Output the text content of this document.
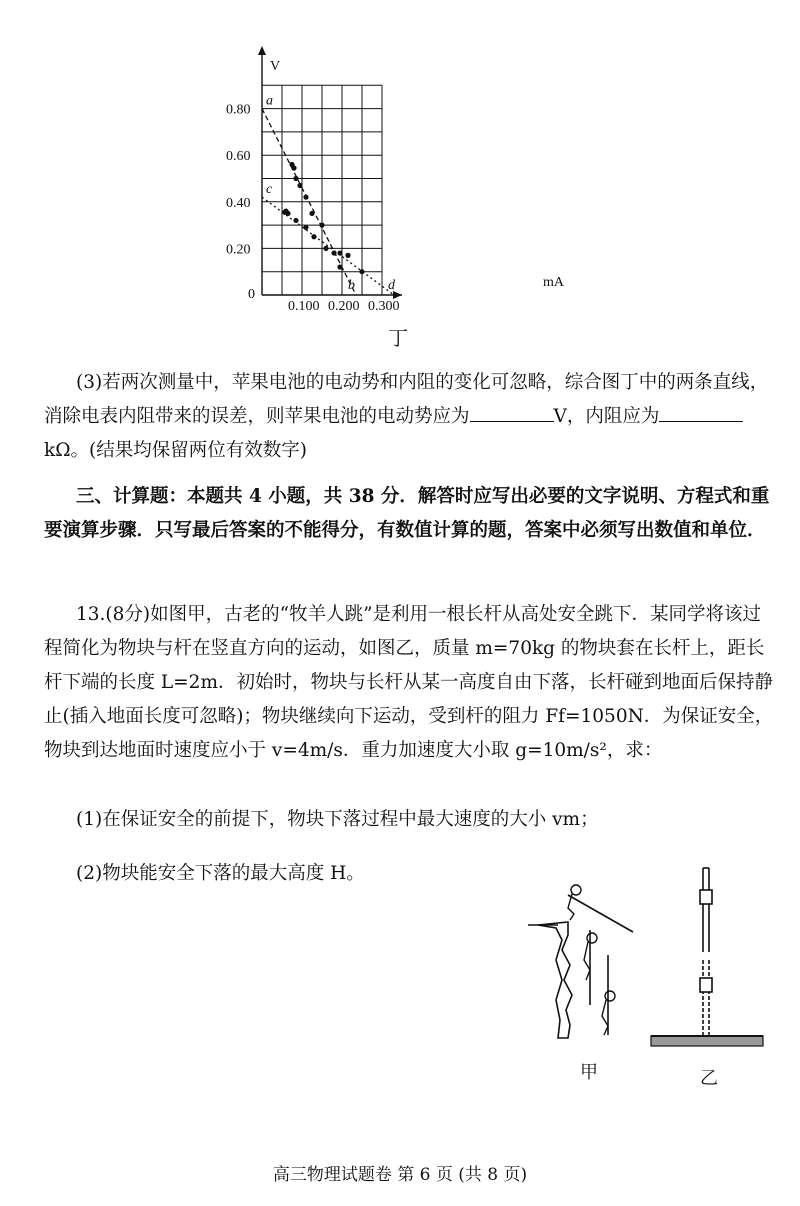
0.100 0.200 0.300
0.80
0.60
0.40
0.20
a
b
c
d
V
mA
0
丁
(3)若两次测量中，苹果电池的电动势和内阻的变化可忽略，综合图丁中的两条直线，消除电表内阻带来的误差，则苹果电池的电动势应为	V，内阻应为kΩ。(结果均保留两位有效数字)
三、计算题：本题共 4 小题，共 38 分．解答时应写出必要的文字说明、方程式和重要演算步骤．只写最后答案的不能得分，有数值计算的题，答案中必须写出数值和单位．
13.(8分)如图甲，古老的“牧羊人跳”是利用一根长杆从高处安全跳下．某同学将该过程简化为物块与杆在竖直方向的运动，如图乙，质量 m=70kg 的物块套在长杆上，距长杆下端的长度 L=2m．初始时，物块与长杆从某一高度自由下落，长杆碰到地面后保持静止(插入地面长度可忽略)；物块继续向下运动，受到杆的阻力 Ff=1050N．为保证安全，物块到达地面时速度应小于 v=4m/s．重力加速度大小取 g=10m/s²，求：
(1)在保证安全的前提下，物块下落过程中最大速度的大小 vm；
(2)物块能安全下落的最大高度 H。
甲	乙
高三物理试题卷 第 6 页 (共 8 页)
